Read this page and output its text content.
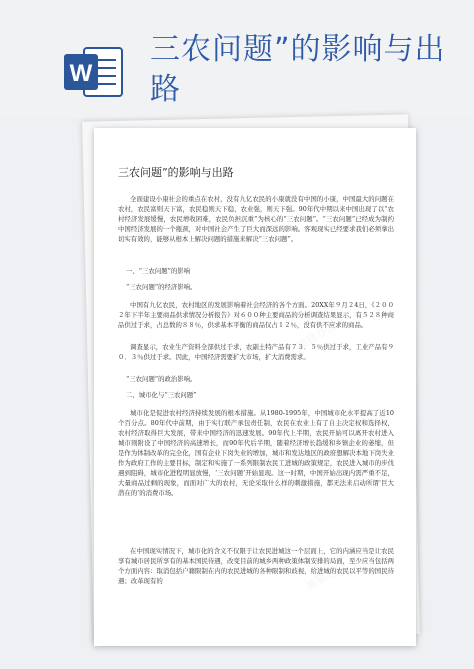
W
三农问题”的影响与出路
熊猫办公
熊猫办公
熊猫办公
熊猫办公
三农问题”的影响与出路

全面建设小康社会的重点在农村，没有九亿农民的小康就没有中国的小康，中国最大的问题在农村，农民富则天下富，农民稳则天下稳，农业强，则天下强。90年代中期以来中国出现了以“农村经济发展缓慢，农民增收困难，农民负担沉重”为核心的“三农问题”。“三农问题”已经成为制约中国经济发展的一个瓶颈，对中国社会产生了巨大而深远的影响。客观现实已经要求我们必须拿出切实有效的，能够从根本上解决问题的措施来解决“三农问题”。

一、“三农问题”的影响

“三农问题”的经济影响。

中国有九亿农民，农村地区的发展影响着社会经济的各个方面。20XX年９月２4日，《２００２年下半年主要商品供求情况分析报告》对６００种主要商品的分析调查结果显示，有５２８种商品供过于求，占总数的８８％，供求基本平衡的商品仅占１２％，没有供不应求的商品。

调查显示，农业生产资料全部供过于求，农副土特产品有７３．５％供过于求，工业产品有９０．３％供过于求。因此，中国经济需要扩大市场，扩大消费需求。

“三农问题”的政治影响。

二、城市化与“三农问题”

城市化是促进农村经济持续发展的根本措施。从1980-1995年，中国城市化水平提高了近10个百分点。80年代中前期，由于实行联产承包责任制，农民在农业上有了自主决定权和选择权，农村经济取得巨大发展，带来中国经济的迅速发展。90年代上半期，农民开始可以离开农村进入城市則附设了中国经济的高速增长，而90年代后半期，随着经济增长趋缓和乡镇企业的萎缩，但是作为体制改革的完全化，国有企业下岗失业的增加，城市和发达地区的政府想解决本地下岗失业作为政府工作的主要目标，制定和实施了一系列限制农民工进城的政策规定，农民进入城市的步伐遇到阻碍，城市化进程明显放慢，‘三农问题’开始显现。这一时期，中国开始出现内需严重不足，大量商品过剩的现象，而面对广大的农村，无论采取什么样的刺激措施，都无法来启动所谓‘巨大潜在的’的消费市场。

在中国现实情况下，城市化的含义不仅限于让农民进城这一个层面上，它的内涵应当是让农民享有城市居民所享有的基本国民待遇，改变目前的城乡两种政策体制安排的局面，至少应当包括两个方面内容：取消包括户籍限制在内的农民进城的各种限制和歧视，给进城的农民以平等的国民待遇；改革现有的
